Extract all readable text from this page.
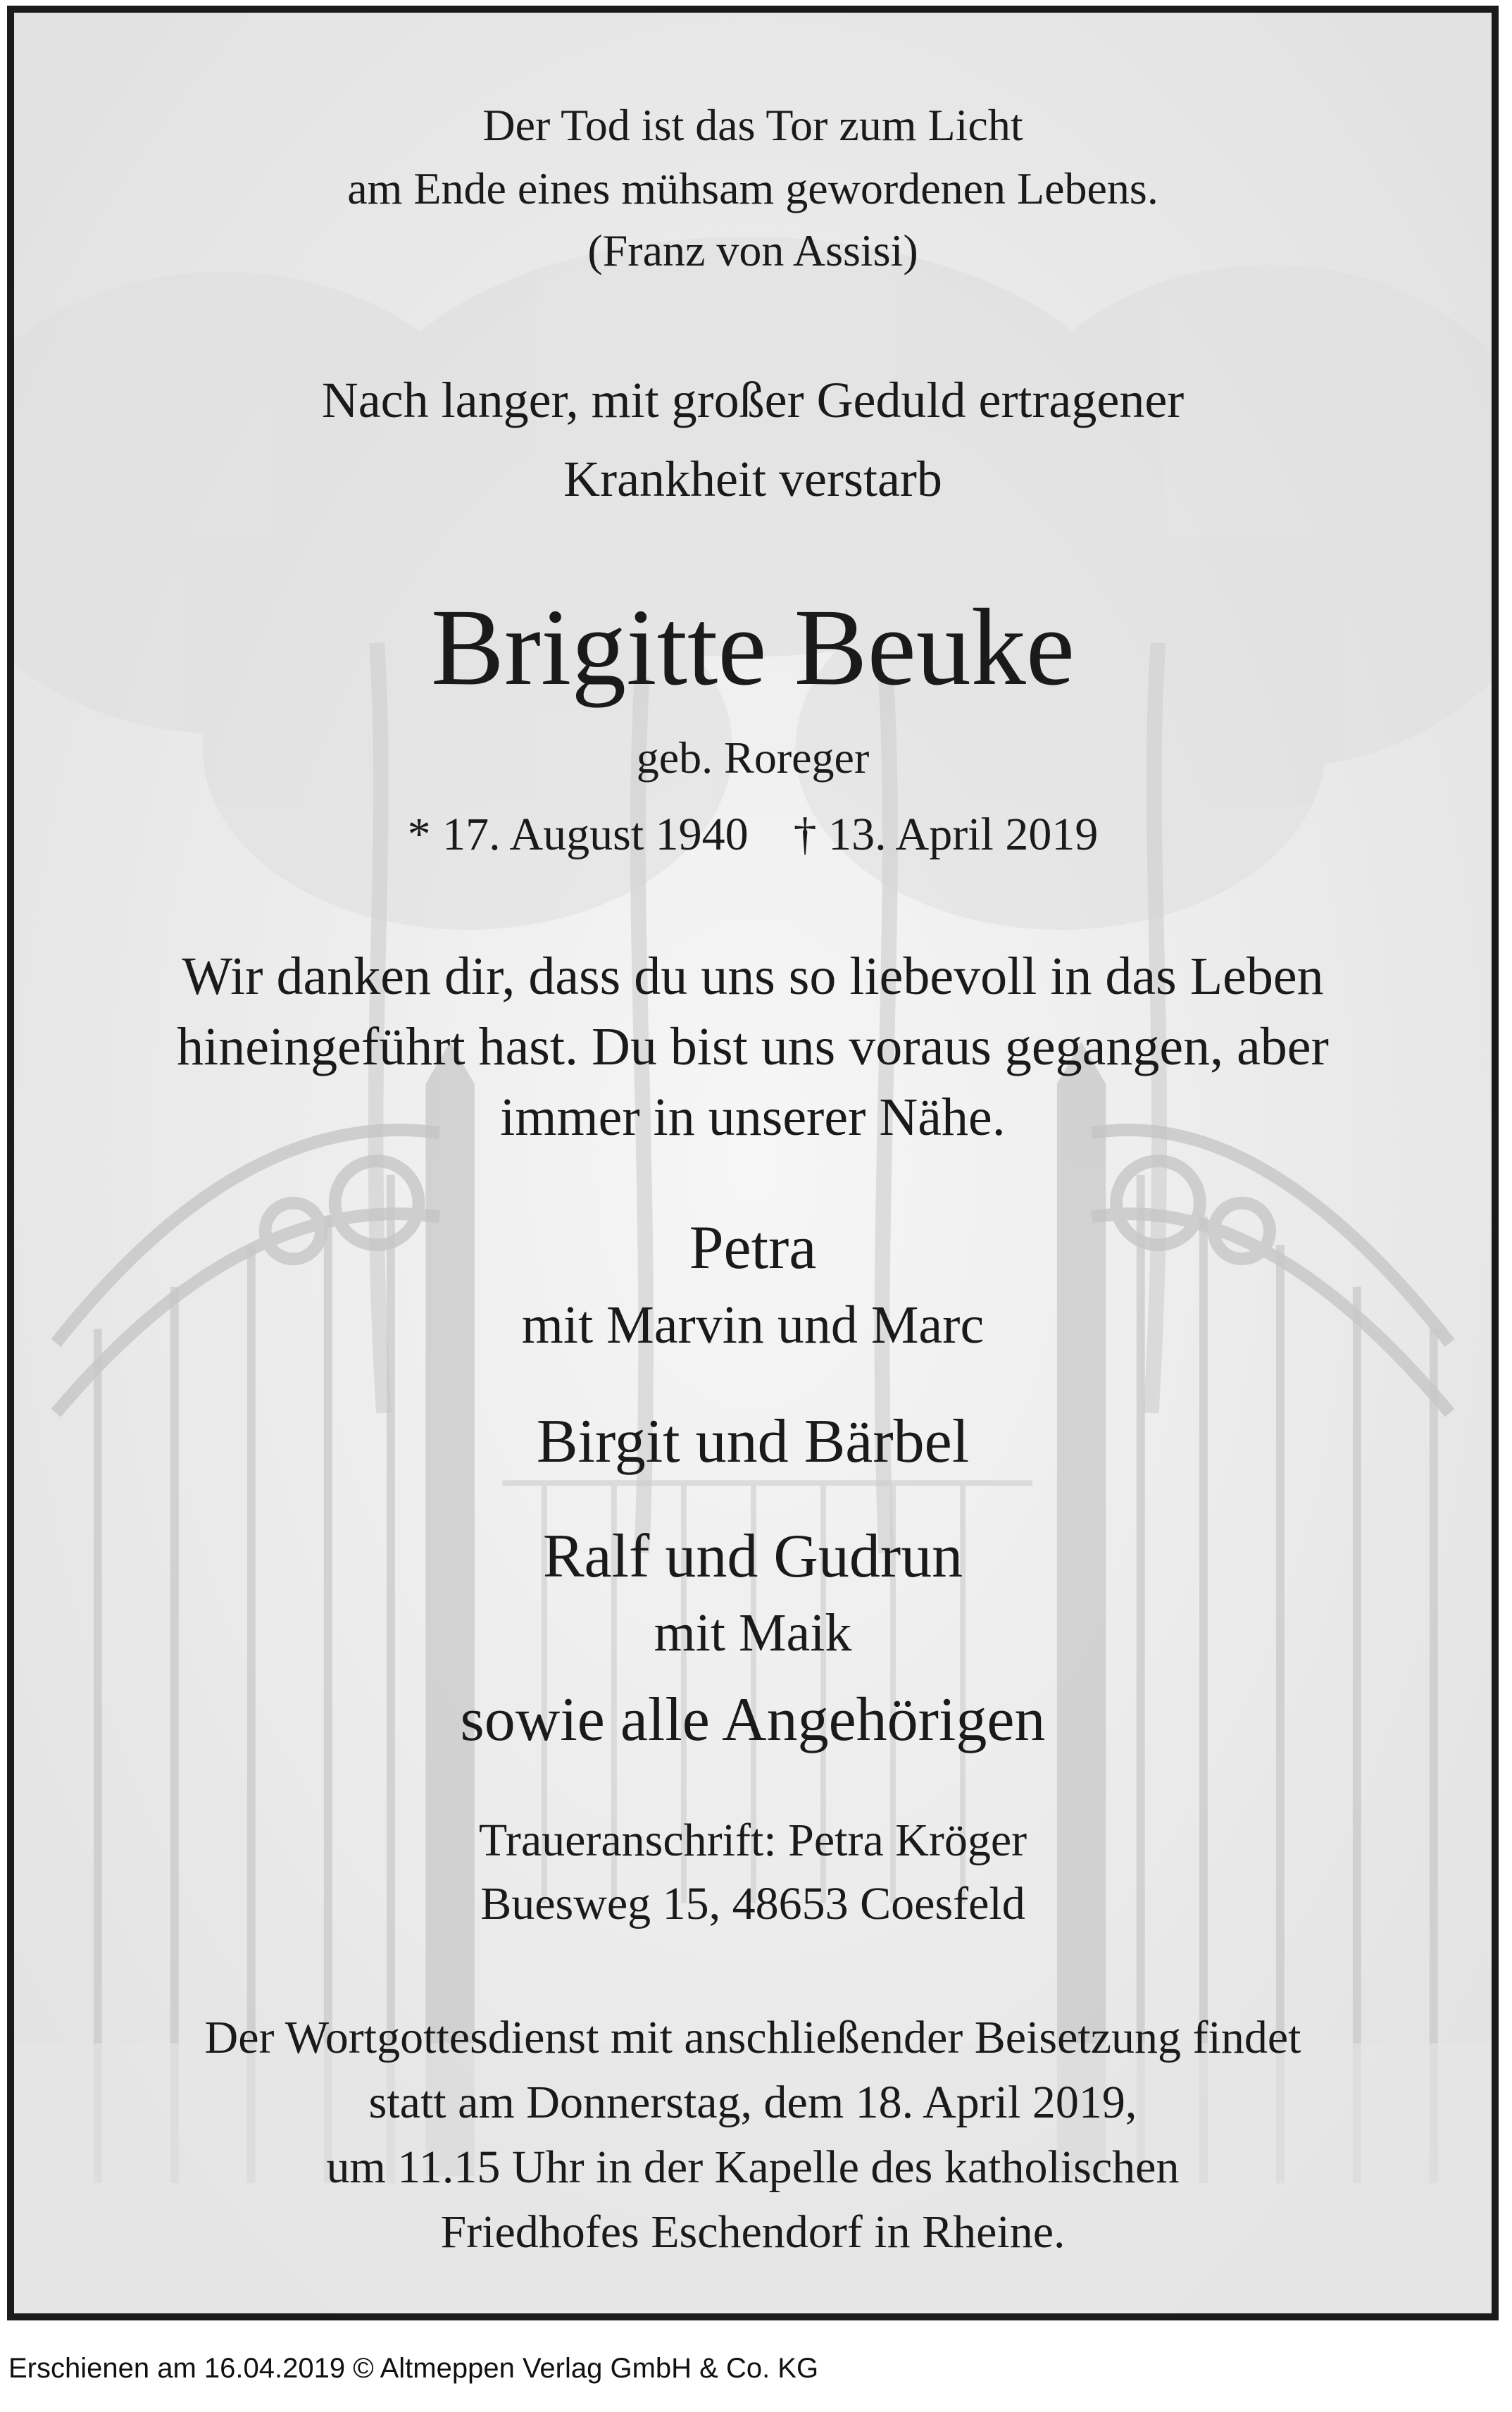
Der Tod ist das Tor zum Licht
am Ende eines mühsam gewordenen Lebens.
(Franz von Assisi)
Nach langer, mit großer Geduld ertragener
Krankheit verstarb
Brigitte Beuke
geb. Roreger
* 17. August 1940 † 13. April 2019
Wir danken dir, dass du uns so liebevoll in das Leben
hineingeführt hast. Du bist uns voraus gegangen, aber
immer in unserer Nähe.
Petra
mit Marvin und Marc
Birgit und Bärbel
Ralf und Gudrun
mit Maik
sowie alle Angehörigen
Traueranschrift: Petra Kröger
Buesweg 15, 48653 Coesfeld
Der Wortgottesdienst mit anschließender Beisetzung findet
statt am Donnerstag, dem 18. April 2019,
um 11.15 Uhr in der Kapelle des katholischen
Friedhofes Eschendorf in Rheine.
Erschienen am 16.04.2019 © Altmeppen Verlag GmbH & Co. KG
